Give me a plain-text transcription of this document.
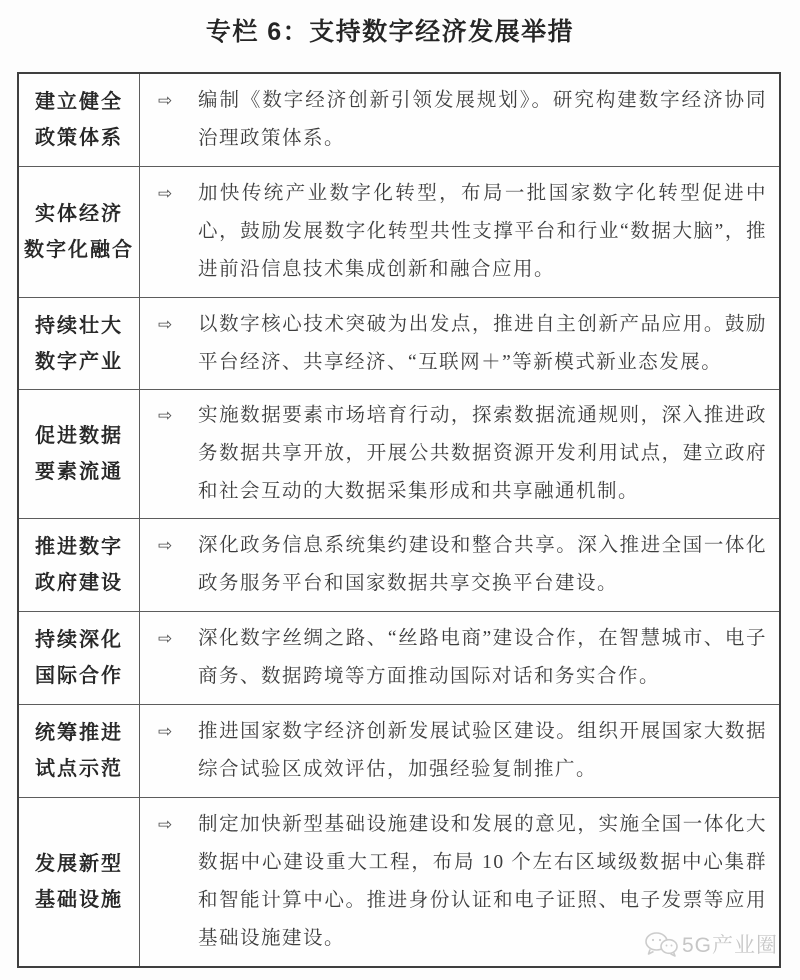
专栏 6：支持数字经济发展举措
建立健全
政策体系
⇨	编制《数字经济创新引领发展规划》。研究构建数字经济协同治理政策体系。
实体经济
数字化融合
⇨	加快传统产业数字化转型，布局一批国家数字化转型促进中心，鼓励发展数字化转型共性支撑平台和行业“数据大脑”，推进前沿信息技术集成创新和融合应用。
持续壮大
数字产业
⇨	以数字核心技术突破为出发点，推进自主创新产品应用。鼓励平台经济、共享经济、“互联网＋”等新模式新业态发展。
促进数据
要素流通
⇨	实施数据要素市场培育行动，探索数据流通规则，深入推进政务数据共享开放，开展公共数据资源开发利用试点，建立政府和社会互动的大数据采集形成和共享融通机制。
推进数字
政府建设
⇨	深化政务信息系统集约建设和整合共享。深入推进全国一体化政务服务平台和国家数据共享交换平台建设。
持续深化
国际合作
⇨	深化数字丝绸之路、“丝路电商”建设合作，在智慧城市、电子商务、数据跨境等方面推动国际对话和务实合作。
统筹推进
试点示范
⇨	推进国家数字经济创新发展试验区建设。组织开展国家大数据综合试验区成效评估，加强经验复制推广。
发展新型
基础设施
⇨	制定加快新型基础设施建设和发展的意见，实施全国一体化大数据中心建设重大工程，布局 10 个左右区域级数据中心集群和智能计算中心。推进身份认证和电子证照、电子发票等应用基础设施建设。	5G产业圈
